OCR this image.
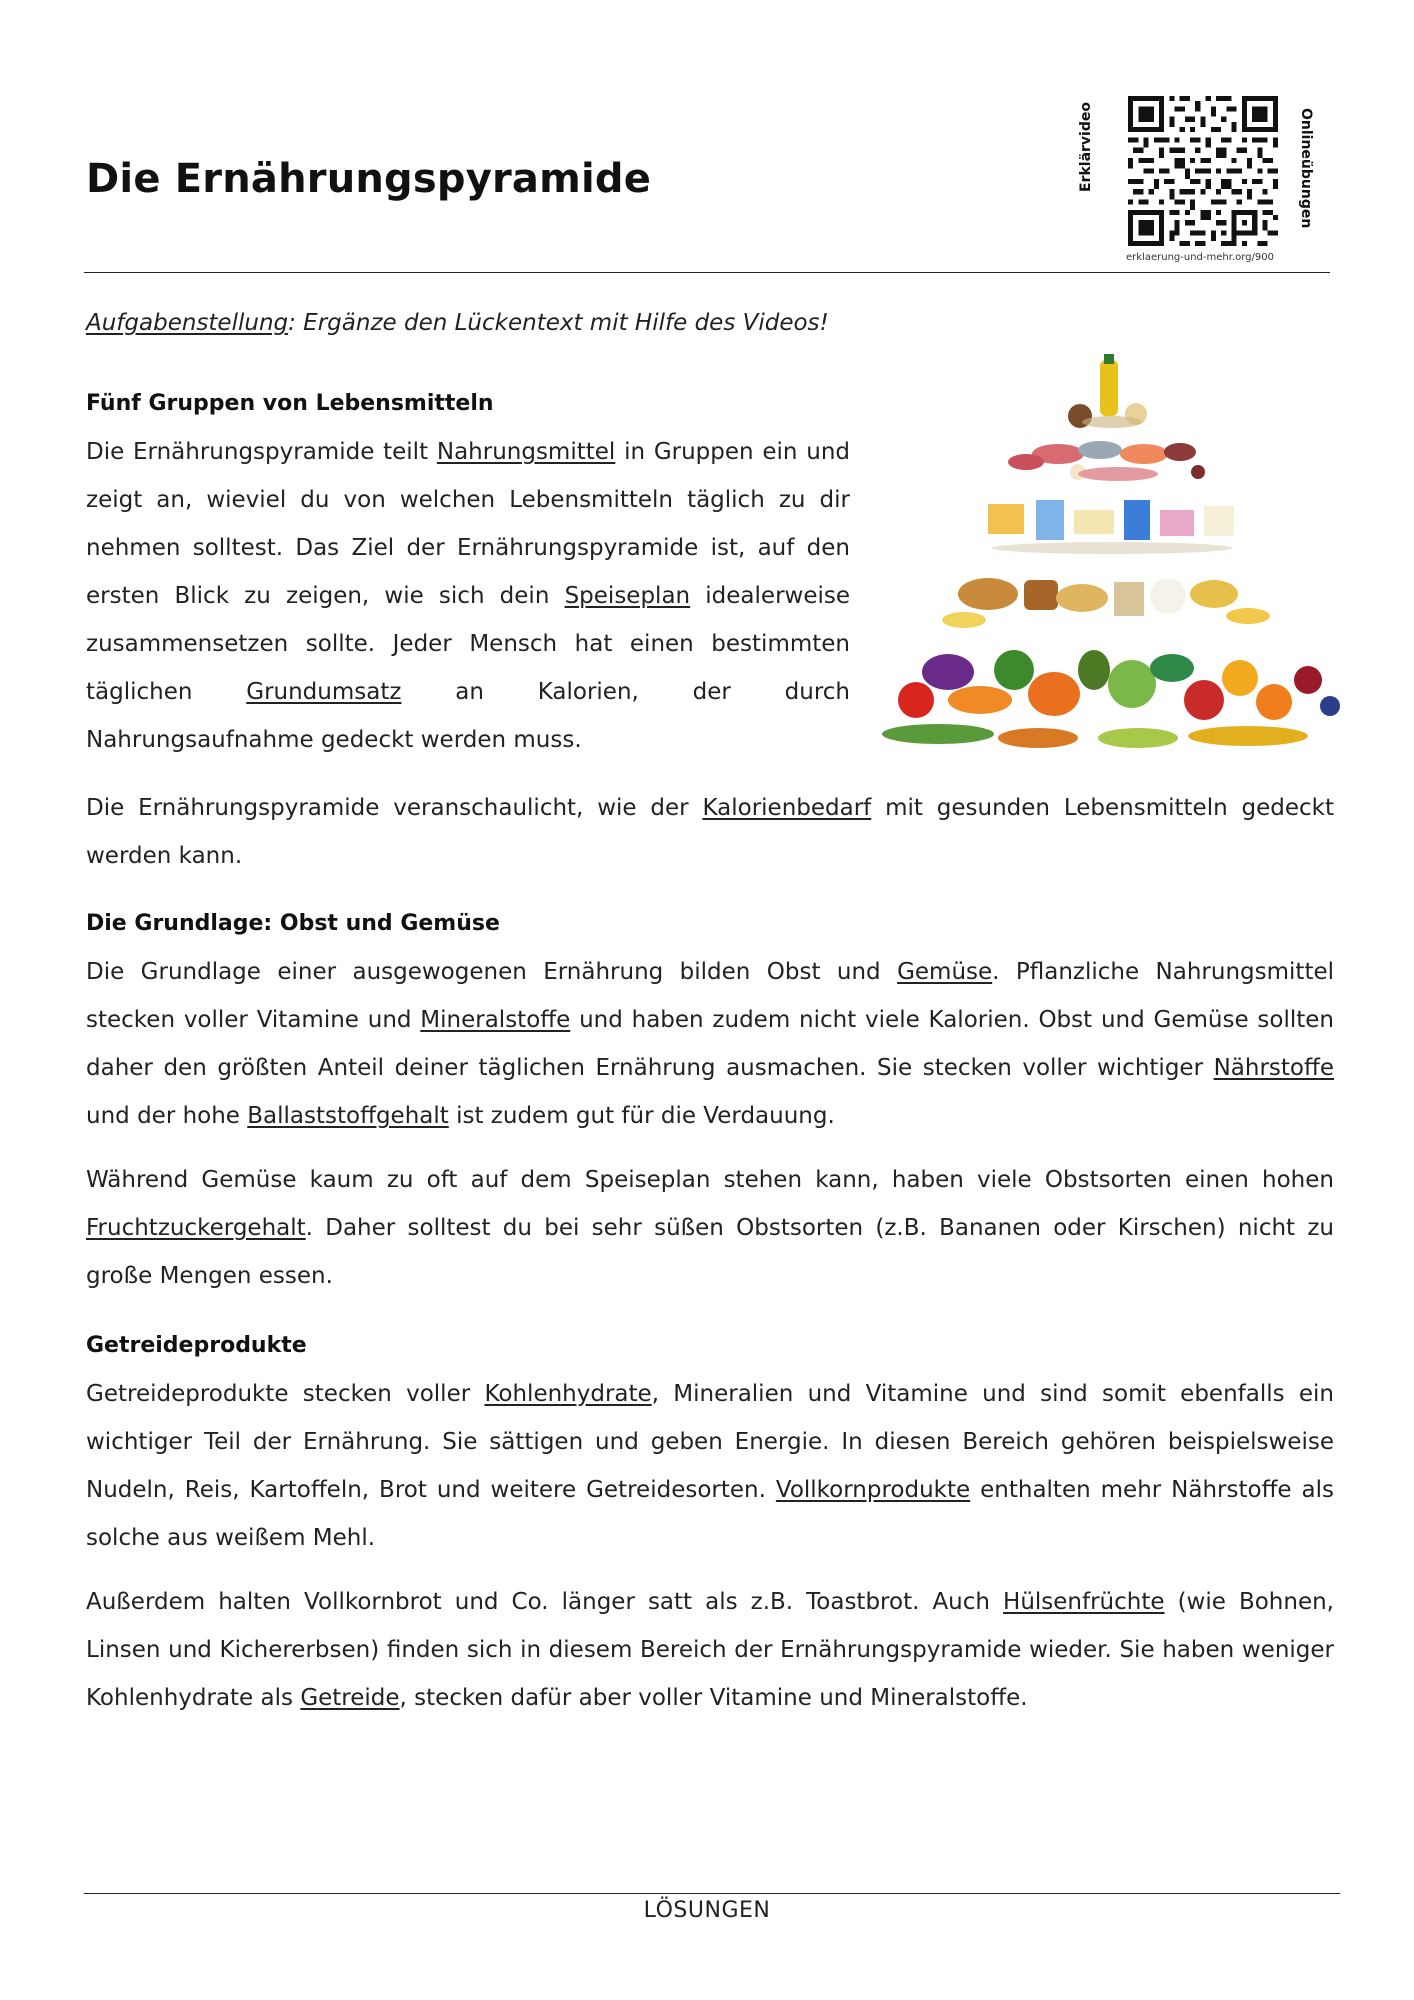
Die Ernährungspyramide	Erklärvideo	Onlineübungen
erklaerung-und-mehr.org/900
Aufgabenstellung: Ergänze den Lückentext mit Hilfe des Videos!
Fünf Gruppen von Lebensmitteln

Die Ernährungspyramide teilt Nahrungsmittel in Gruppen ein und zeigt an, wieviel du von welchen Lebensmitteln täglich zu dir nehmen solltest. Das Ziel der Ernährungspyramide ist, auf den ersten Blick zu zeigen, wie sich dein Speiseplan idealerweise zusammensetzen sollte. Jeder Mensch hat einen bestimmten täglichen Grundumsatz an Kalorien, der durch Nahrungsaufnahme gedeckt werden muss.

Die Ernährungspyramide veranschaulicht, wie der Kalorienbedarf mit gesunden Lebensmitteln gedeckt werden kann.

Die Grundlage: Obst und Gemüse

Die Grundlage einer ausgewogenen Ernährung bilden Obst und Gemüse. Pflanzliche Nahrungsmittel stecken voller Vitamine und Mineralstoffe und haben zudem nicht viele Kalorien. Obst und Gemüse sollten daher den größten Anteil deiner täglichen Ernährung ausmachen. Sie stecken voller wichtiger Nährstoffe und der hohe Ballaststoffgehalt ist zudem gut für die Verdauung.

Während Gemüse kaum zu oft auf dem Speiseplan stehen kann, haben viele Obstsorten einen hohen Fruchtzuckergehalt. Daher solltest du bei sehr süßen Obstsorten (z.B. Bananen oder Kirschen) nicht zu große Mengen essen.

Getreideprodukte

Getreideprodukte stecken voller Kohlenhydrate, Mineralien und Vitamine und sind somit ebenfalls ein wichtiger Teil der Ernährung. Sie sättigen und geben Energie. In diesen Bereich gehören beispielsweise Nudeln, Reis, Kartoffeln, Brot und weitere Getreidesorten. Vollkornprodukte enthalten mehr Nährstoffe als solche aus weißem Mehl.

Außerdem halten Vollkornbrot und Co. länger satt als z.B. Toastbrot. Auch Hülsenfrüchte (wie Bohnen, Linsen und Kichererbsen) finden sich in diesem Bereich der Ernährungspyramide wieder. Sie haben weniger Kohlenhydrate als Getreide, stecken dafür aber voller Vitamine und Mineralstoffe.

LÖSUNGEN
